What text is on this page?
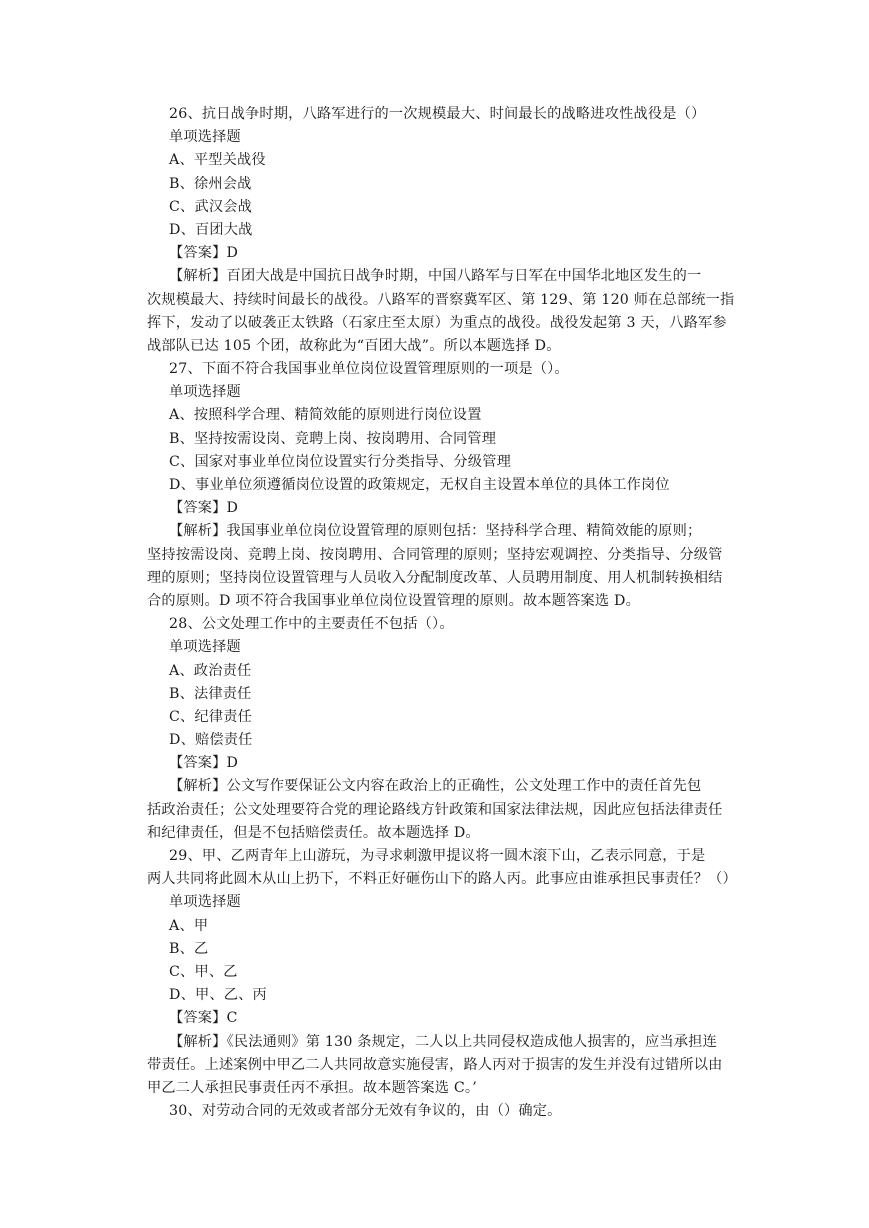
26、抗日战争时期，八路军进行的一次规模最大、时间最长的战略进攻性战役是（）
单项选择题
A、平型关战役
B、徐州会战
C、武汉会战
D、百团大战
【答案】D
【解析】百团大战是中国抗日战争时期，中国八路军与日军在中国华北地区发生的一
次规模最大、持续时间最长的战役。八路军的晋察冀军区、第 129、第 120 师在总部统一指
挥下，发动了以破袭正太铁路（石家庄至太原）为重点的战役。战役发起第 3 天，八路军参
战部队已达 105 个团，故称此为“百团大战”。所以本题选择 D。
27、下面不符合我国事业单位岗位设置管理原则的一项是（）。
单项选择题
A、按照科学合理、精简效能的原则进行岗位设置
B、坚持按需设岗、竞聘上岗、按岗聘用、合同管理
C、国家对事业单位岗位设置实行分类指导、分级管理
D、事业单位须遵循岗位设置的政策规定，无权自主设置本单位的具体工作岗位
【答案】D
【解析】我国事业单位岗位设置管理的原则包括：坚持科学合理、精简效能的原则；
坚持按需设岗、竞聘上岗、按岗聘用、合同管理的原则；坚持宏观调控、分类指导、分级管
理的原则；坚持岗位设置管理与人员收入分配制度改革、人员聘用制度、用人机制转换相结
合的原则。D 项不符合我国事业单位岗位设置管理的原则。故本题答案选 D。
28、公文处理工作中的主要责任不包括（）。
单项选择题
A、政治责任
B、法律责任
C、纪律责任
D、赔偿责任
【答案】D
【解析】公文写作要保证公文内容在政治上的正确性，公文处理工作中的责任首先包
括政治责任；公文处理要符合党的理论路线方针政策和国家法律法规，因此应包括法律责任
和纪律责任，但是不包括赔偿责任。故本题选择 D。
29、甲、乙两青年上山游玩，为寻求刺激甲提议将一圆木滚下山，乙表示同意，于是
两人共同将此圆木从山上扔下，不料正好砸伤山下的路人丙。此事应由谁承担民事责任？（）
单项选择题
A、甲
B、乙
C、甲、乙
D、甲、乙、丙
【答案】C
【解析】《民法通则》第 130 条规定，二人以上共同侵权造成他人损害的，应当承担连
带责任。上述案例中甲乙二人共同故意实施侵害，路人丙对于损害的发生并没有过错所以由
甲乙二人承担民事责任丙不承担。故本题答案选 C。’
30、对劳动合同的无效或者部分无效有争议的，由（）确定。
